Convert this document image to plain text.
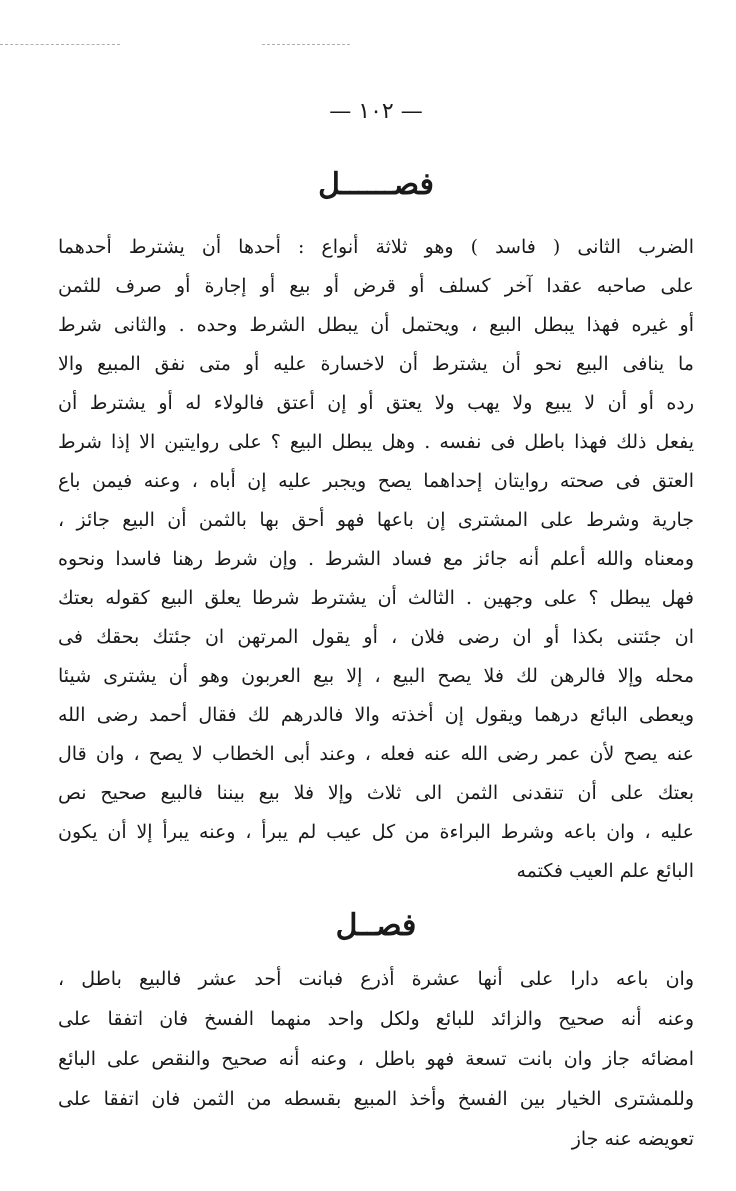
— ١٠٢ —
فصــــــل
الضرب الثانى ( فاسد ) وهو ثلاثة أنواع : أحدها أن يشترط أحدهما
على صاحبه عقدا آخر كسلف أو قرض أو بيع أو إجارة أو صرف للثمن
أو غيره فهذا يبطل البيع ، ويحتمل أن يبطل الشرط وحده . والثانى شرط
ما ينافى البيع نحو أن يشترط أن لاخسارة عليه أو متى نفق المبيع والا
رده أو أن لا يبيع ولا يهب ولا يعتق أو إن أعتق فالولاء له أو يشترط أن
يفعل ذلك فهذا باطل فى نفسه . وهل يبطل البيع ؟ على روايتين الا إذا شرط
العتق فى صحته روايتان إحداهما يصح ويجبر عليه إن أباه ، وعنه فيمن باع
جارية وشرط على المشترى إن باعها فهو أحق بها بالثمن أن البيع جائز ،
ومعناه والله أعلم أنه جائز مع فساد الشرط . وإن شرط رهنا فاسدا ونحوه
فهل يبطل ؟ على وجهين . الثالث أن يشترط شرطا يعلق البيع كقوله بعتك
ان جئتنى بكذا أو ان رضى فلان ، أو يقول المرتهن ان جئتك بحقك فى
محله وإلا فالرهن لك فلا يصح البيع ، إلا بيع العربون وهو أن يشترى شيئا
ويعطى البائع درهما ويقول إن أخذته والا فالدرهم لك فقال أحمد رضى الله
عنه يصح لأن عمر رضى الله عنه فعله ، وعند أبى الخطاب لا يصح ، وان قال
بعتك على أن تنقدنى الثمن الى ثلاث وإلا فلا بيع بيننا فالبيع صحيح نص
عليه ، وان باعه وشرط البراءة من كل عيب لم يبرأ ، وعنه يبرأ إلا أن يكون
البائع علم العيب فكتمه
فصــل
وان باعه دارا على أنها عشرة أذرع فبانت أحد عشر فالبيع باطل ،
وعنه أنه صحيح والزائد للبائع ولكل واحد منهما الفسخ فان اتفقا على
امضائه جاز وان بانت تسعة فهو باطل ، وعنه أنه صحيح والنقص على البائع
وللمشترى الخيار بين الفسخ وأخذ المبيع بقسطه من الثمن فان اتفقا على
تعويضه عنه جاز
